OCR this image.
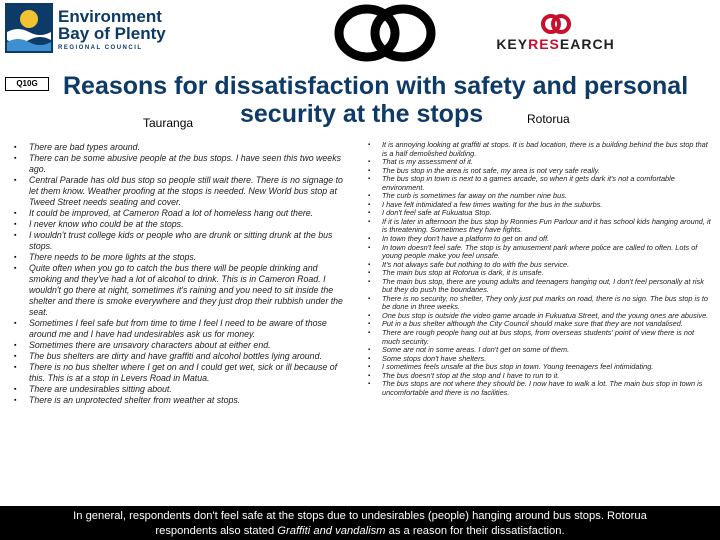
Environment
Bay of Plenty
REGIONAL COUNCIL	KEYRESEARCH
Q10G	Reasons for dissatisfaction with safety and personal
security at the stops
Tauranga	Rotorua
▪ There are bad types around.
▪ There can be some abusive people at the bus stops. I have seen this two weeks ago.
▪ Central Parade has old bus stop so people still wait there. There is no signage to let them know. Weather proofing at the stops is needed. New World bus stop at Tweed Street needs seating and cover.
▪ It could be improved, at Cameron Road a lot of homeless hang out there.
▪ I never know who could be at the stops.
▪ I wouldn't trust college kids or people who are drunk or sitting drunk at the bus stops.
▪ There needs to be more lights at the stops.
▪ Quite often when you go to catch the bus there will be people drinking and smoking and they've had a lot of alcohol to drink. This is in Cameron Road. I wouldn't go there at night, sometimes it's raining and you need to sit inside the shelter and there is smoke everywhere and they just drop their rubbish under the seat.
▪ Sometimes I feel safe but from time to time I feel I need to be aware of those around me and I have had undesirables ask us for money.
▪ Sometimes there are unsavory characters about at either end.
▪ The bus shelters are dirty and have graffiti and alcohol bottles lying around.
▪ There is no bus shelter where I get on and I could get wet, sick or ill because of this. This is at a stop in Levers Road in Matua.
▪ There are undesirables sitting about.
▪ There is an unprotected shelter from weather at stops.
▪ It is annoying looking at graffiti at stops. It is bad location, there is a building behind the bus stop that is a half demolished building.
▪ That is my assessment of it.
▪ The bus stop in the area is not safe, my area is not very safe really.
▪ The bus stop in town is next to a games arcade, so when it gets dark it's not a comfortable environment.
▪ The curb is sometimes far away on the number nine bus.
▪ I have felt intimidated a few times waiting for the bus in the suburbs.
▪ I don't feel safe at Fukuatua Stop.
▪ If it is later in afternoon the bus stop by Ronnies Fun Parlour and it has school kids hanging around, it is threatening. Sometimes they have fights.
▪ In town they don't have a platform to get on and off.
▪ In town doesn't feel safe. The stop is by amusement park where police are called to often. Lots of young people make you feel unsafe.
▪ It's not always safe but nothing to do with the bus service.
▪ The main bus stop at Rotorua is dark, it is unsafe.
▪ The main bus stop, there are young adults and teenagers hanging out, I don't feel personally at risk but they do push the boundaries.
▪ There is no security, no shelter, They only just put marks on road, there is no sign. The bus stop is to be done in three weeks.
▪ One bus stop is outside the video game arcade in Fukuatua Street, and the young ones are abusive.
▪ Put in a bus shelter although the City Council should make sure that they are not vandalised.
▪ There are rough people hang out at bus stops, from overseas students' point of view there is not much security.
▪ Some are not in some areas. I don't get on some of them.
▪ Some stops don't have shelters.
▪ I sometimes feels unsafe at the bus stop in town. Young teenagers feel intimidating.
▪ The bus doesn't stop at the stop and I have to run to it.
▪ The bus stops are not where they should be. I now have to walk a lot. The main bus stop in town is uncomfortable and there is no facilities.
In general, respondents don't feel safe at the stops due to undesirables (people) hanging around bus stops. Rotorua
respondents also stated Graffiti and vandalism as a reason for their dissatisfaction.
